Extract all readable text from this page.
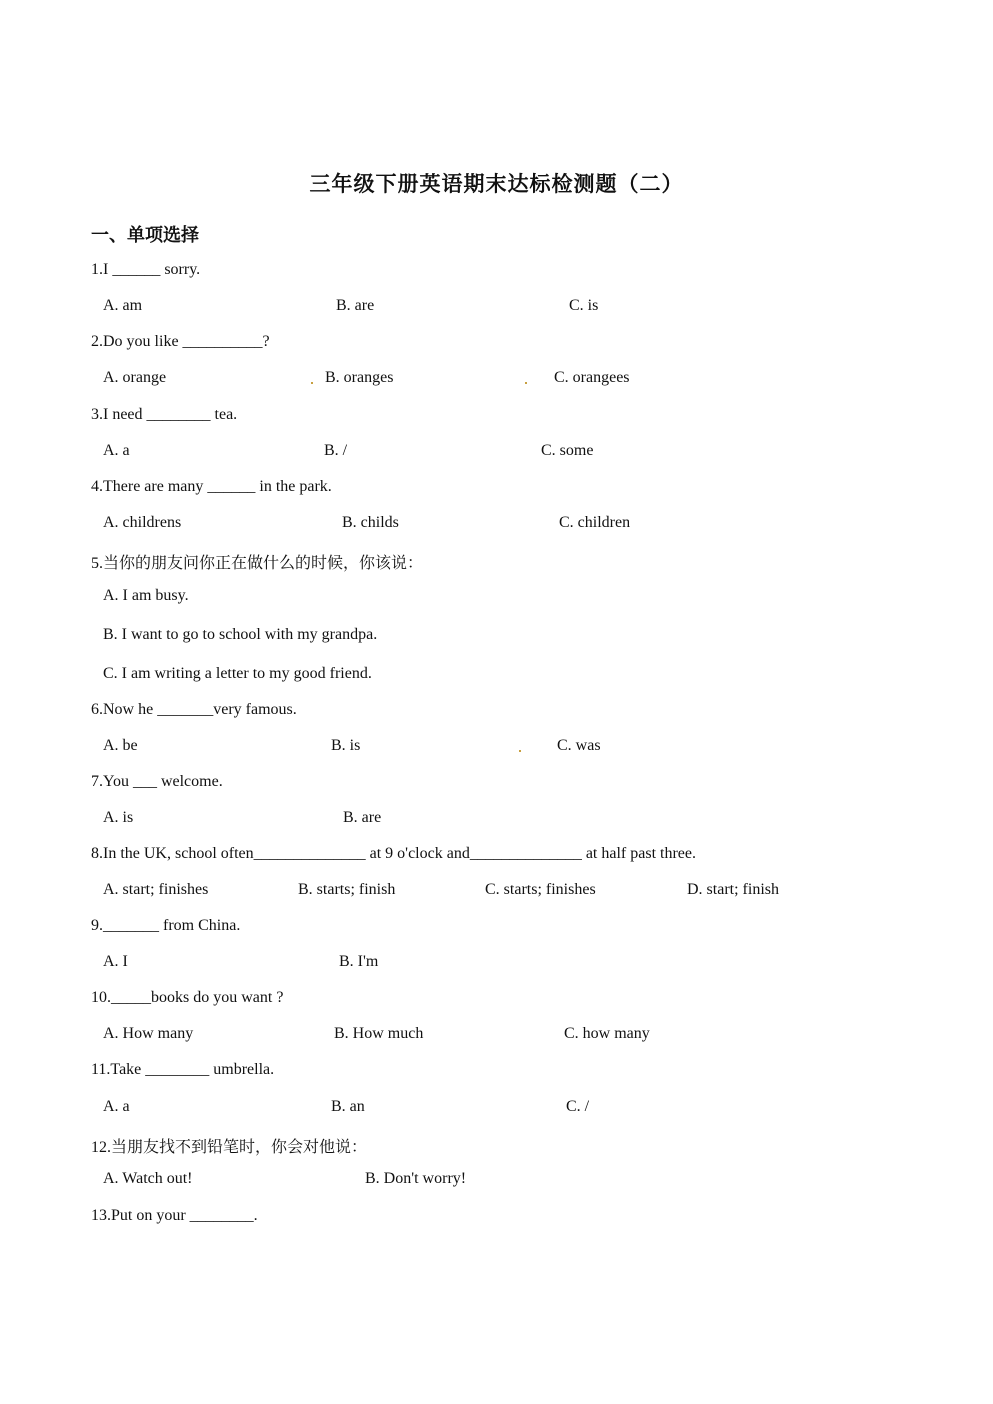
三年级下册英语期末达标检测题（二）
一、单项选择
1.I ______ sorry.
A. am	B. are	C. is
2.Do you like __________?
A. orange	B. oranges	C. orangees
3.I need ________ tea.
A. a	B. /	C. some
4.There are many ______ in the park.
A. childrens	B. childs	C. children
5.当你的朋友问你正在做什么的时候，你该说：
A. I am busy.
B. I want to go to school with my grandpa.
C. I am writing a letter to my good friend.
6.Now he _______very famous.
A. be	B. is	C. was
7.You ___ welcome.
A. is	B. are
8.In the UK, school often______________ at 9 o'clock and______________ at half past three.
A. start; finishes	B. starts; finish	C. starts; finishes	D. start; finish
9._______ from China.
A. I	B. I'm
10._____books do you want ?
A. How many	B. How much	C. how many
11.Take ________ umbrella.
A. a	B. an	C. /
12.当朋友找不到铅笔时，你会对他说：
A. Watch out!	B. Don't worry!
13.Put on your ________.
